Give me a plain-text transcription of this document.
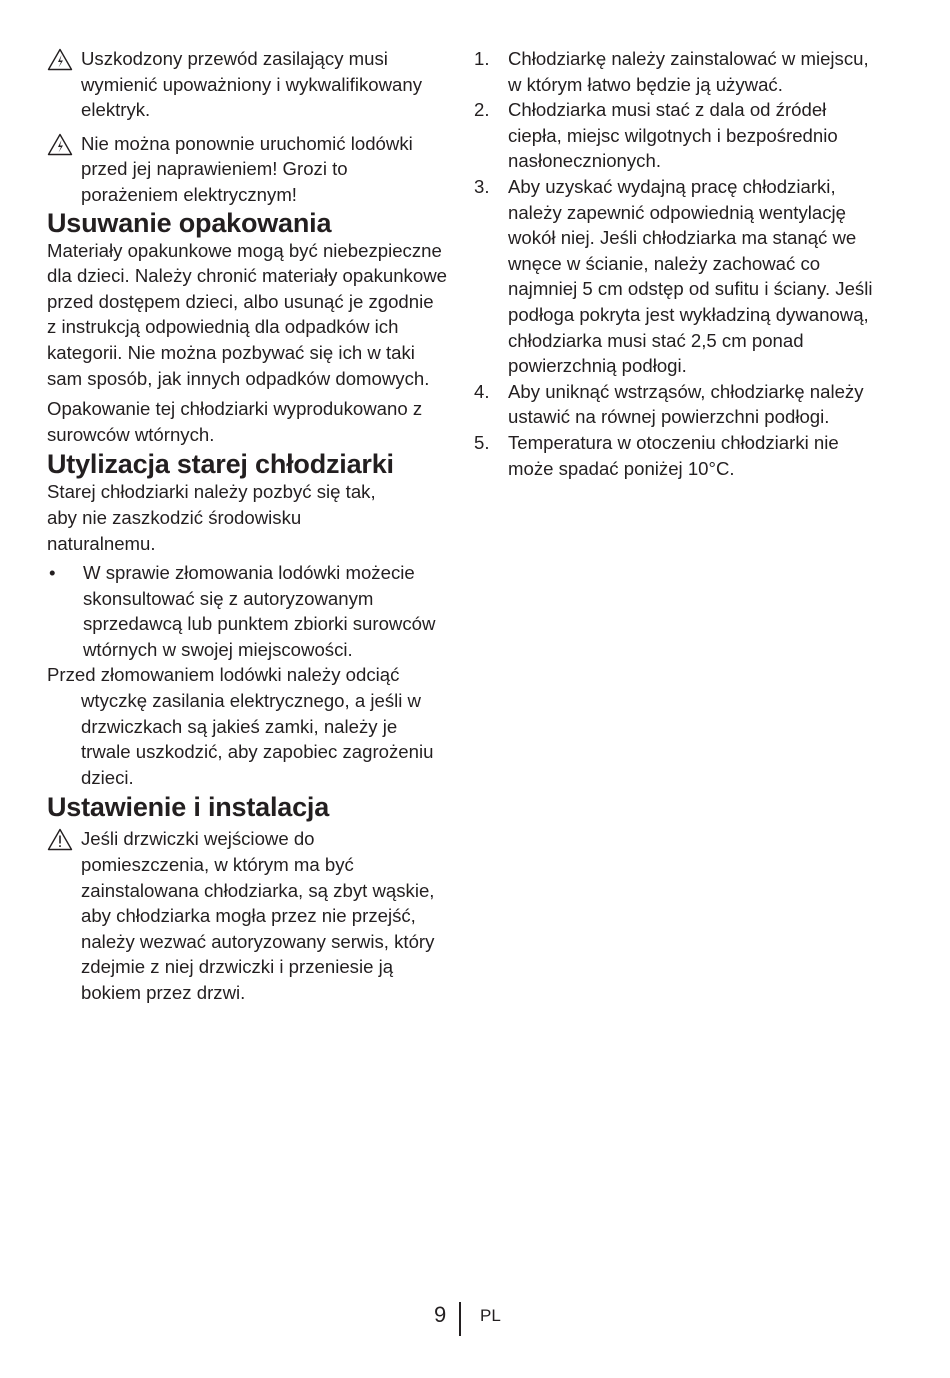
Uszkodzony przewód zasilający musi wymienić upoważniony i wykwalifikowany elektryk.
Nie można ponownie uruchomić lodówki przed jej naprawieniem! Grozi to porażeniem elektrycznym!
Usuwanie opakowania

Materiały opakunkowe mogą być niebezpieczne dla dzieci. Należy chronić materiały opakunkowe przed dostępem dzieci, albo usunąć je zgodnie z instrukcją odpowiednią dla odpadków ich kategorii. Nie można pozbywać się ich w taki sam sposób, jak innych odpadków domowych.

Opakowanie tej chłodziarki wyprodukowano z surowców wtórnych.

Utylizacja starej chłodziarki

Starej chłodziarki należy pozbyć się tak, aby nie zaszkodzić środowisku naturalnemu.

•	W sprawie złomowania lodówki możecie skonsultować się z autoryzowanym sprzedawcą lub punktem zbiorki surowców wtórnych w swojej miejscowości.

Przed złomowaniem lodówki należy odciąć wtyczkę zasilania elektrycznego, a jeśli w drzwiczkach są jakieś zamki, należy je trwale uszkodzić, aby zapobiec zagrożeniu dzieci.

Ustawienie i instalacja
Jeśli drzwiczki wejściowe do pomieszczenia, w którym ma być zainstalowana chłodziarka, są zbyt wąskie, aby chłodziarka mogła przez nie przejść, należy wezwać autoryzowany serwis, który zdejmie z niej drzwiczki i przeniesie ją bokiem przez drzwi.
1. Chłodziarkę należy zainstalować w miejscu, w którym łatwo będzie ją używać.
2. Chłodziarka musi stać z dala od źródeł ciepła, miejsc wilgotnych i bezpośrednio nasłonecznionych.
3. Aby uzyskać wydajną pracę chłodziarki, należy zapewnić odpowiednią wentylację wokół niej. Jeśli chłodziarka ma stanąć we wnęce w ścianie, należy zachować co najmniej 5 cm odstęp od sufitu i ściany. Jeśli podłoga pokryta jest wykładziną dywanową, chłodziarka musi stać 2,5 cm ponad powierzchnią podłogi.
4. Aby uniknąć wstrząsów, chłodziarkę należy ustawić na równej powierzchni podłogi.
5. Temperatura w otoczeniu chłodziarki nie może spadać poniżej 10°C.
9 PL
